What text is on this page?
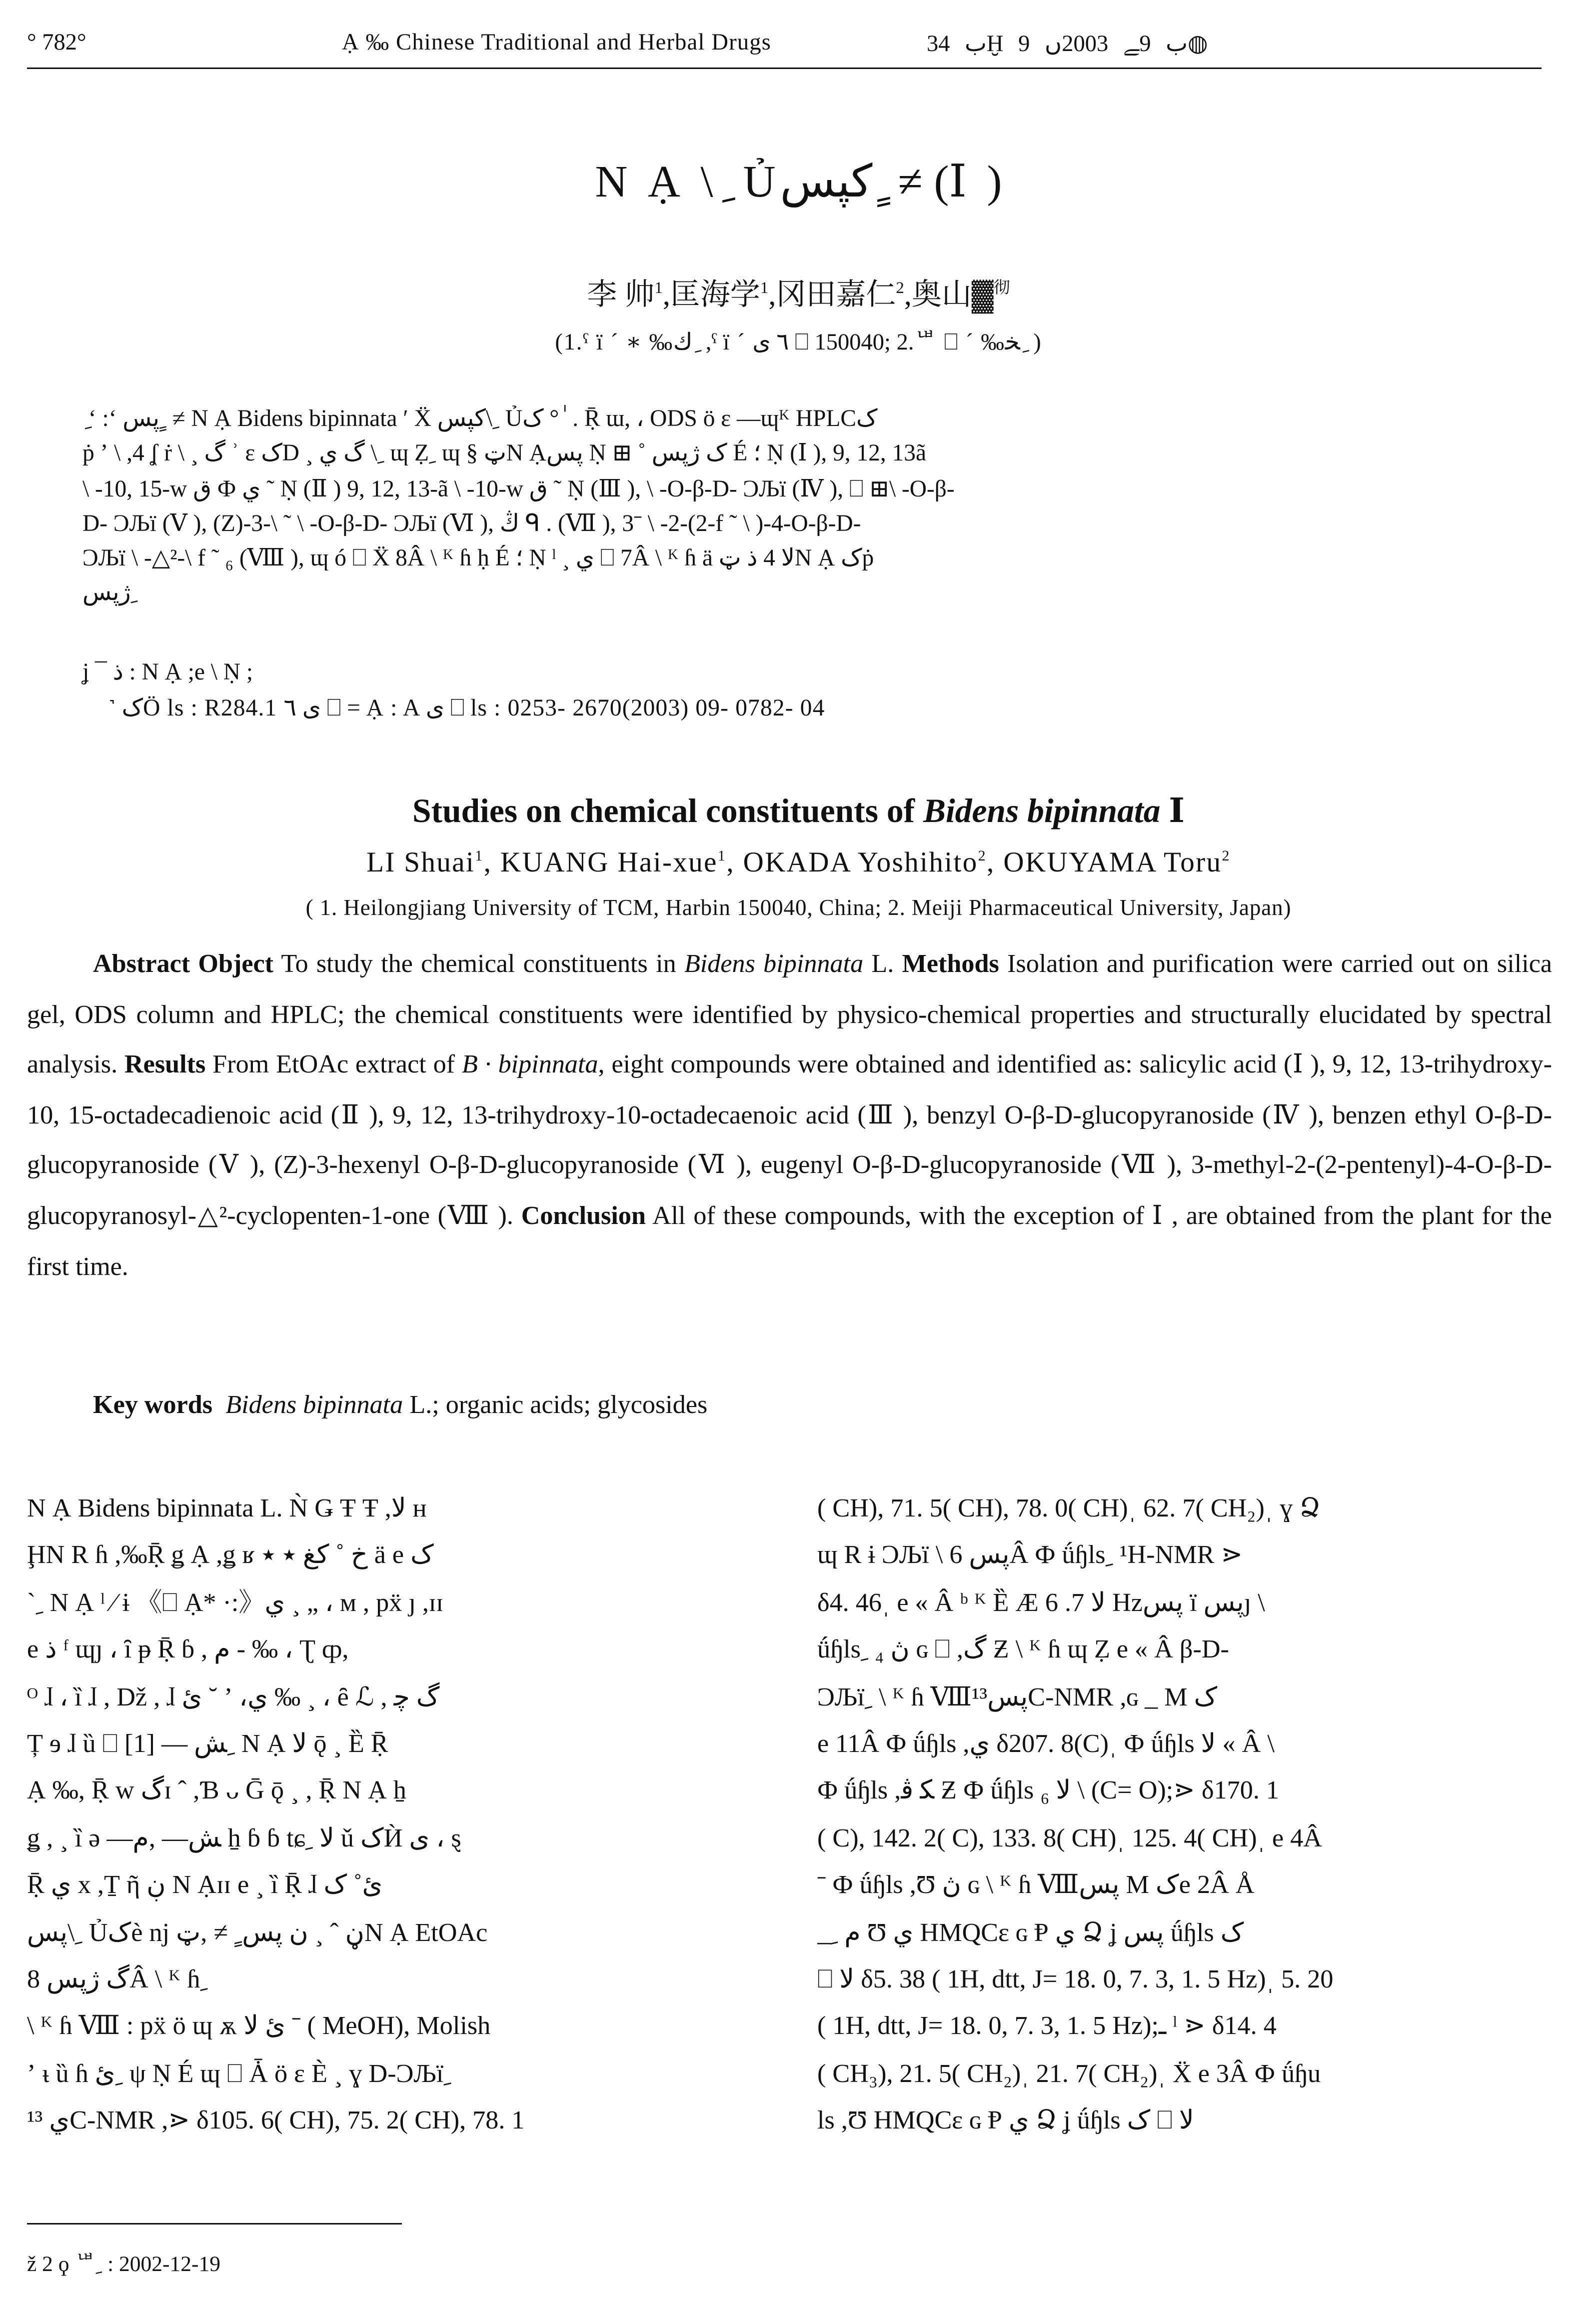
° 782°	Ạ ‰ Chinese Traditional and Herbal Drugs	ب 34Ḫ ب 9ﮯ 2003ں 9◍
N Ạ \ ِ Ủکپس ٍ ≠ (Ⅰ )
李 帅$^1$,匡海学$^1$,冈田嘉仁$^2$,奥山▓$^彻$
(1.ˁ ï ´ ∗ ‰ك ِ ,ˁ ï ´ ٦ ی ⎕ 150040; 2.ᄖ ⎕ ´ ‰ﺨ ِ )
ِ ʻ :ʻ پس ٍ ≠ N Ạ Bidens bipinnata ʹ Ẍ کپس\ ِ Ủک ° ٰ . Ṝ ɯ, ، ODS ö ɛ —ɰᴷ HPLCک
ṗ ʼ \ ,4 ʆ ṙ \ ¸ گ ʾ ɛ کD ¸ گ ي \ ِ ɰ Ẓ ِ ɰ § ټN Ạپس Ṇ ⊞ ˚ ک ژپس É ؛ Ṇ (Ⅰ ), 9, 12, 13ã
\ -10, 15-w ق Ф ي ˜ Ṇ (Ⅱ ) 9, 12, 13-ã \ -10-w ق ˜ Ṇ (Ⅲ ), \ -O-β-D- ϽЉï (Ⅳ ), ⎕ ⊞\ -O-β-
D- ϽЉï (Ⅴ ), (Z)-3-\ ˜ \ -O-β-D- ϽЉï (Ⅵ ), ڭ ᑫ . (Ⅶ ), 3ˉ \ -2-(2-f ˜ \ )-4-O-β-D-
ϽЉï \ -△²-\ f ˜ ₆ (Ⅷ ), ɰ ó ⎕ Ẍ 8Â \ ᴷ ɦ ḥ É ؛ Ṇ ˡ ¸ ي ⎕ 7Â \ ᴷ ɦ ä ﻻ 4 ذ ټN Ạ کṗ
ژپس ِ
ʝ ¯ ذ : N Ạ ;e \ Ṇ ;
˺ کÖ ls : R284.1 ی ٦ ⎕ = Ạ : A ی ⎕ ls : 0253- 2670(2003) 09- 0782- 04
Studies on chemical constituents of Bidens bipinnata Ⅰ
LI Shuai$^1$, KUANG Hai-xue$^1$, OKADA Yoshihito$^2$, OKUYAMA Toru$^2$
( 1. Heilongjiang University of TCM, Harbin 150040, China; 2. Meiji Pharmaceutical University, Japan)
Abstract Object To study the chemical constituents in Bidens bipinnata L. Methods Isolation and purification were carried out on silica gel, ODS column and HPLC; the chemical constituents were identified by physico-chemical properties and structurally elucidated by spectral analysis. Results From EtOAc extract of B · bipinnata, eight compounds were obtained and identified as: salicylic acid (Ⅰ ), 9, 12, 13-trihydroxy-10, 15-octadecadienoic acid (Ⅱ ), 9, 12, 13-trihydroxy-10-octadecaenoic acid (Ⅲ ), benzyl O-β-D-glucopyranoside (Ⅳ ), benzen ethyl O-β-D-glucopyranoside (Ⅴ ), (Z)-3-hexenyl O-β-D-glucopyranoside (Ⅵ ), eugenyl O-β-D-glucopyranoside (Ⅶ ), 3-methyl-2-(2-pentenyl)-4-O-β-D-glucopyranosyl-△²-cyclopenten-1-one (Ⅷ ). Conclusion All of these compounds, with the exception of Ⅰ , are obtained from the plant for the first time.
Key words Bidens bipinnata L.; organic acids; glycosides
N Ạ Bidens bipinnata L. Ǹ Ǥ Ŧ Ŧ ,ﻻ ʜ
ḨN R ɦ ,‰Ṝ ǥ Ạ ,ǥ ʁ خ ˚ کغ ٭ ٭ ä e ک
` ِ N Ạ ˡ ⁄ ɨ 《⎕ Ạ* ·:》ي ¸ „ ، ᴍ , pẍ ȷ ,ɪɪ
e ذ ᶠ ɰȷ ، ȋ ᵽ Ṝ ɓ , ﻡ - ‰ ، Ʈ ȹ,
ᴼ ɺ ، ȉ ɺ , Dž , ɺ ئ ˘ ʼ ،ي ‰ ¸ ، ȇ ℒ , گ ﭼ
Ț ɘ ɺ ȕ ⎕ ﺶ — [1] ِ N Ạ ﻻ ǭ ¸ Ȅ Ṝ
Ạ ‰, Ṝ ᴡ گɪ ˆ ,Ɓ ᴗ Ḡ ǭ ¸ , Ṝ N Ạ ẖ
ǥ , ¸ ȉ ǝ —ﺶ— ,ﻡ ẖ ɓ ɓ tɕ ِ ﻻ ǔ کЍ ی ، ȿ
Ṝ ي x ,Ṯ ῆ ڹ N Ạɪɪ e ¸ ȉ Ṝ ɺ ئ˚ ک
پس\ ِ Ủکè ǌ ڼ ˆ ¸ ن پس ٍ ≠ ,ټN Ạ EtOAc
گ ژپس 8Â \ ᴷ ɦ ِ
\ ᴷ ɦ Ⅷ : pẍ ö ɰ ѫ ئ ﻻ ˉ ( MeOH), Molish
ʼ ᵼ ȕ ɦ ئ ِ ψ Ṇ É ɰ ⎕ Ǡ ö ɛ È ¸ ɣ D-ϽЉï ِ
ي ¹³C-NMR ,⋗ δ105. 6( CH), 75. 2( CH), 78. 1
( CH), 71. 5( CH), 78. 0( CH)ˌ 62. 7( CH₂)ˌ ɣ Ձ
ɰ R ɨ ϽЉï \ پس 6Â Ф ǘɧls ِ ¹H-NMR ⋗
δ4. 46ˌ e « Â ᵇ ᴷ Ȅ Æ ﻻ 7. 6 Hzپس ï پسȷ \
ǘɧls ِ ₄ ڽ ɢ ⎕ ,گ Ƶ \ ᴷ ɦ ɰ Ẓ e « Â β-D-
ϽЉï ِ \ ᴷ ɦ Ⅷپس¹³C-NMR ,ɢ _ M ک
e 11Â Ф ǘɧls ,ي δ207. 8(C)ˌ Ф ǘɧls ﻻ « Â \
Ф ǘɧls ,ﮑ ﭬ Ƶ Ф ǘɧls ﻻ ₆ \ (C= O);⋗ δ170. 1
( C), 142. 2( C), 133. 8( CH)ˌ 125. 4( CH)ˌ e 4Â
ˉ Ф ǘɧls ,Ʊ ڽ ɢ \ ᴷ ɦ Ⅷپس M کe 2Â Å
_ ِ ﻡ Ʊ ي HMQCɛ ɢ Ᵽ ي Ձ ʝ پس ǘɧls ک
⎕ ﻻ δ5. 38 ( 1H, dtt, J= 18. 0, 7. 3, 1. 5 Hz)ˌ 5. 20
( 1H, dtt, J= 18. 0, 7. 3, 1. 5 Hz);ـ ˡ ⋗ δ14. 4
( CH₃), 21. 5( CH₂)ˌ 21. 7( CH₂)ˌ Ẍ e 3Â Ф ǘɧu
ls ,Ʊ HMQCɛ ɢ Ᵽ ي Ձ ʝ ǘɧls ک ⎕ ﻻ
ž 2 ϙ ᄖ ِ : 2002-12-19
